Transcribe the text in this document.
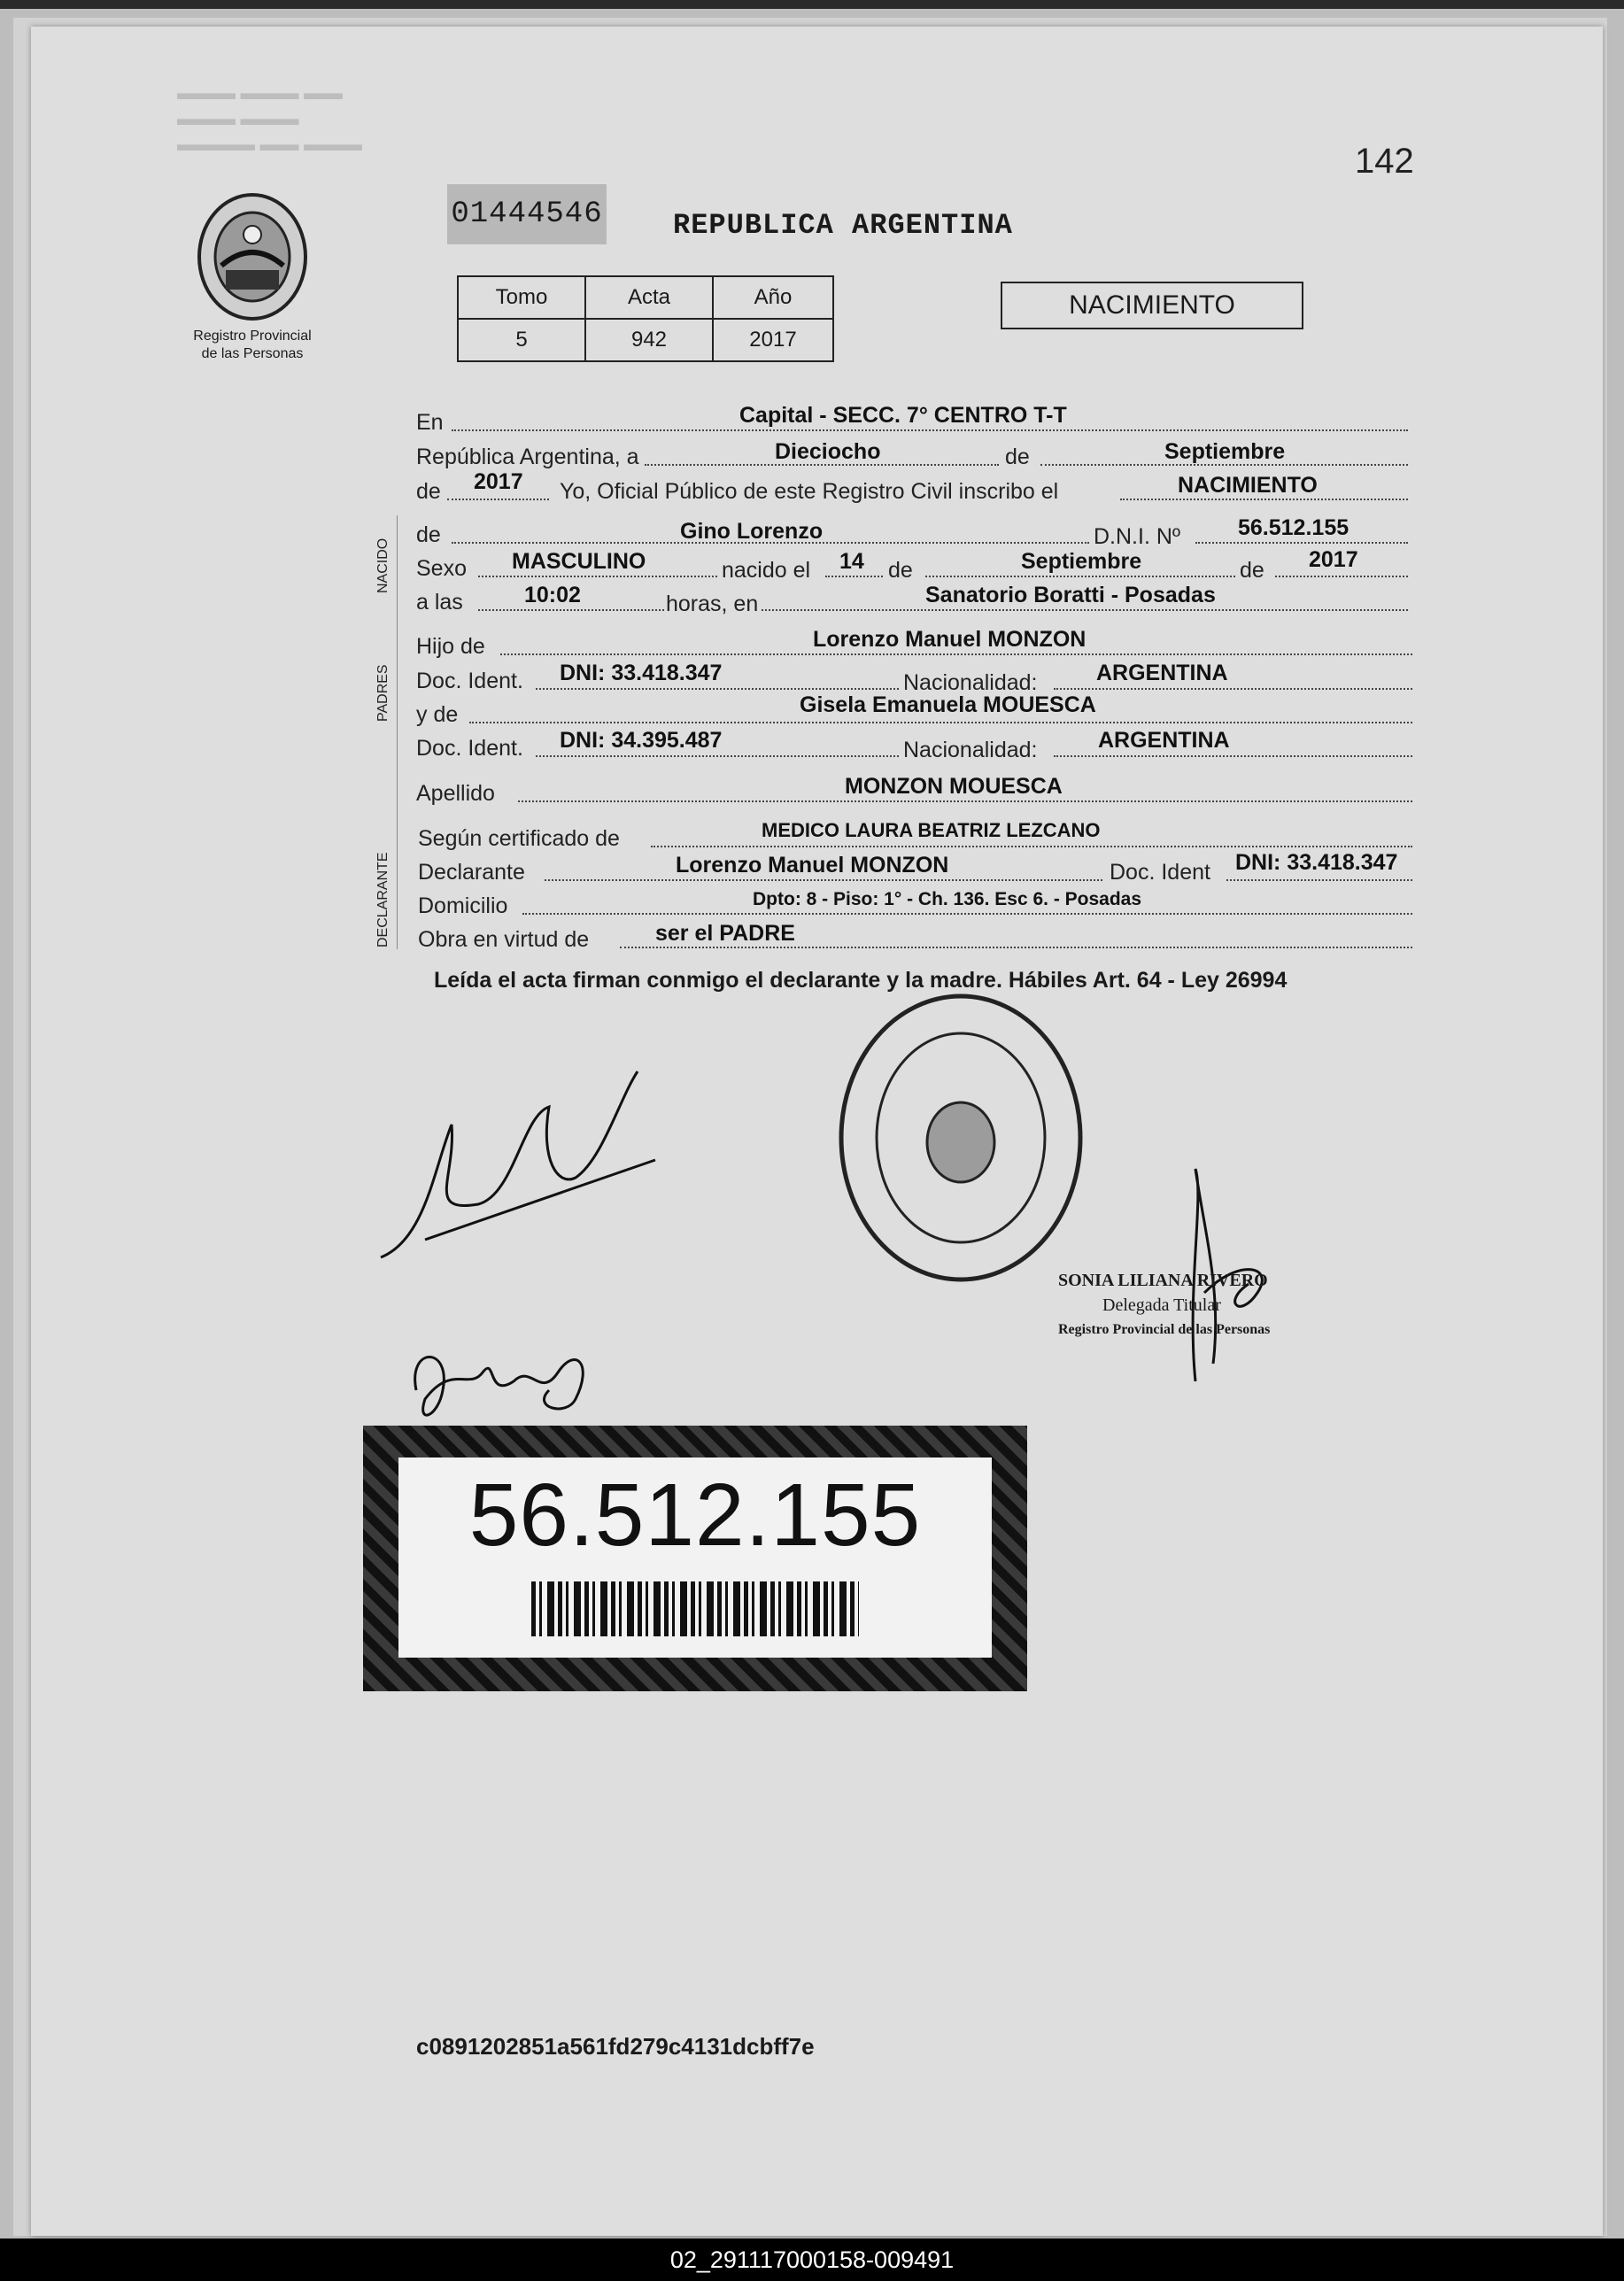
▬▬▬ ▬▬▬ ▬▬
▬▬▬ ▬▬▬
▬▬▬▬ ▬▬ ▬▬▬	142
Registro Provincial
de las Personas
01444546 REPUBLICA ARGENTINA
Tomo	Acta	Año
5	942	2017
NACIMIENTO
NACIDO
PADRES
DECLARANTE
En	Capital - SECC. 7° CENTRO T-T
República Argentina, a	Dieciocho	de	Septiembre
de 2017 Yo, Oficial Público de este Registro Civil inscribo el	NACIMIENTO
de	Gino Lorenzo	D.N.I. Nº	56.512.155
Sexo MASCULINO	nacido el 14 de	Septiembre	de 2017
a las	10:02	horas, en	Sanatorio Boratti - Posadas
Hijo de	Lorenzo Manuel MONZON
Doc. Ident. DNI: 33.418.347	Nacionalidad:	ARGENTINA
y de	Gisela Emanuela MOUESCA
Doc. Ident. DNI: 34.395.487	Nacionalidad:	ARGENTINA
Apellido	MONZON MOUESCA
Según certificado de	MEDICO LAURA BEATRIZ LEZCANO
Declarante	Lorenzo Manuel MONZON	Doc. Ident DNI: 33.418.347
Domicilio	Dpto: 8 - Piso: 1° - Ch. 136. Esc 6. - Posadas
Obra en virtud de	ser el PADRE
Leída el acta firman conmigo el declarante y la madre. Hábiles Art. 64 - Ley 26994
SONIA LILIANA RIVERO
Delegada Titular
Registro Provincial de las Personas
56.512.155
c0891202851a561fd279c4131dcbff7e
02_291117000158-009491
